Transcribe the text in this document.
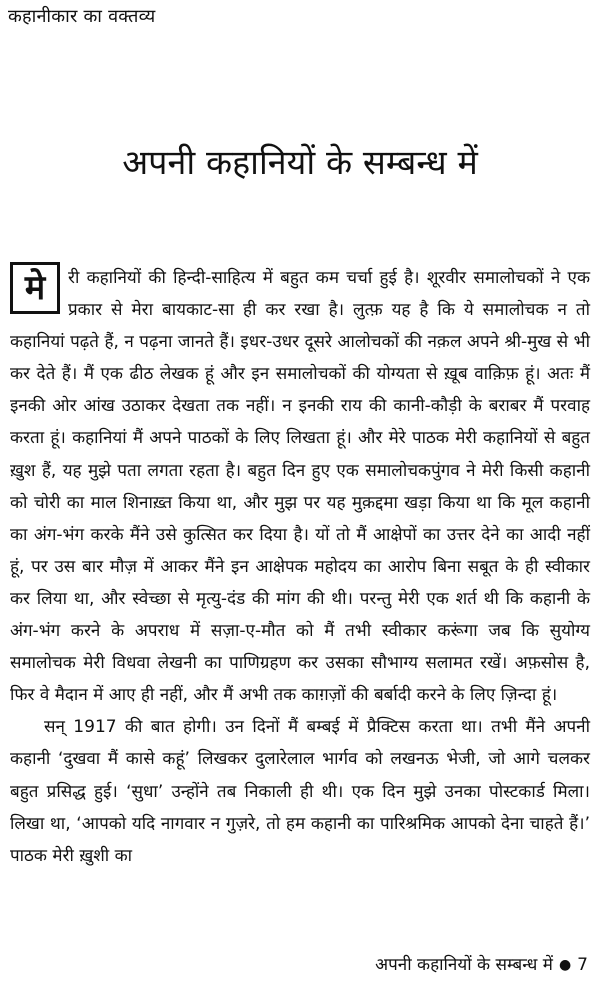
कहानीकार का वक्तव्य
अपनी कहानियों के सम्बन्ध में

मे	री कहानियों की हिन्दी-साहित्य में बहुत कम चर्चा हुई है। शूरवीर समालोचकों ने एक प्रकार से मेरा बायकाट-सा ही कर रखा है। लुत्फ़ यह है कि ये समालोचक न तो कहानियां पढ़ते हैं, न पढ़ना जानते हैं। इधर-उधर दूसरे आलोचकों की नक़ल अपने श्री-मुख से भी कर देते हैं। मैं एक ढीठ लेखक हूं और इन समालोचकों की योग्यता से ख़ूब वाक़िफ़ हूं। अतः मैं इनकी ओर आंख उठाकर देखता तक नहीं। न इनकी राय की कानी-कौड़ी के बराबर मैं परवाह करता हूं। कहानियां मैं अपने पाठकों के लिए लिखता हूं। और मेरे पाठक मेरी कहानियों से बहुत ख़ुश हैं, यह मुझे पता लगता रहता है। बहुत दिन हुए एक समालोचकपुंगव ने मेरी किसी कहानी को चोरी का माल शिनाख़्त किया था, और मुझ पर यह मुक़द्दमा खड़ा किया था कि मूल कहानी का अंग-भंग करके मैंने उसे कुत्सित कर दिया है। यों तो मैं आक्षेपों का उत्तर देने का आदी नहीं हूं, पर उस बार मौज़ में आकर मैंने इन आक्षेपक महोदय का आरोप बिना सबूत के ही स्वीकार कर लिया था, और स्वेच्छा से मृत्यु-दंड की मांग की थी। परन्तु मेरी एक शर्त थी कि कहानी के अंग-भंग करने के अपराध में सज़ा-ए-मौत को मैं तभी स्वीकार करूंगा जब कि सुयोग्य समालोचक मेरी विधवा लेखनी का पाणिग्रहण कर उसका सौभाग्य सलामत रखें। अफ़सोस है, फिर वे मैदान में आए ही नहीं, और मैं अभी तक काग़ज़ों की बर्बादी करने के लिए ज़िन्दा हूं।

सन् 1917 की बात होगी। उन दिनों मैं बम्बई में प्रैक्टिस करता था। तभी मैंने अपनी कहानी ‘दुखवा मैं कासे कहूं’ लिखकर दुलारेलाल भार्गव को लखनऊ भेजी, जो आगे चलकर बहुत प्रसिद्ध हुई। ‘सुधा’ उन्होंने तब निकाली ही थी। एक दिन मुझे उनका पोस्टकार्ड मिला। लिखा था, ‘आपको यदि नागवार न गुज़रे, तो हम कहानी का पारिश्रमिक आपको देना चाहते हैं।’ पाठक मेरी ख़ुशी का

अपनी कहानियों के सम्बन्ध में ● 7
